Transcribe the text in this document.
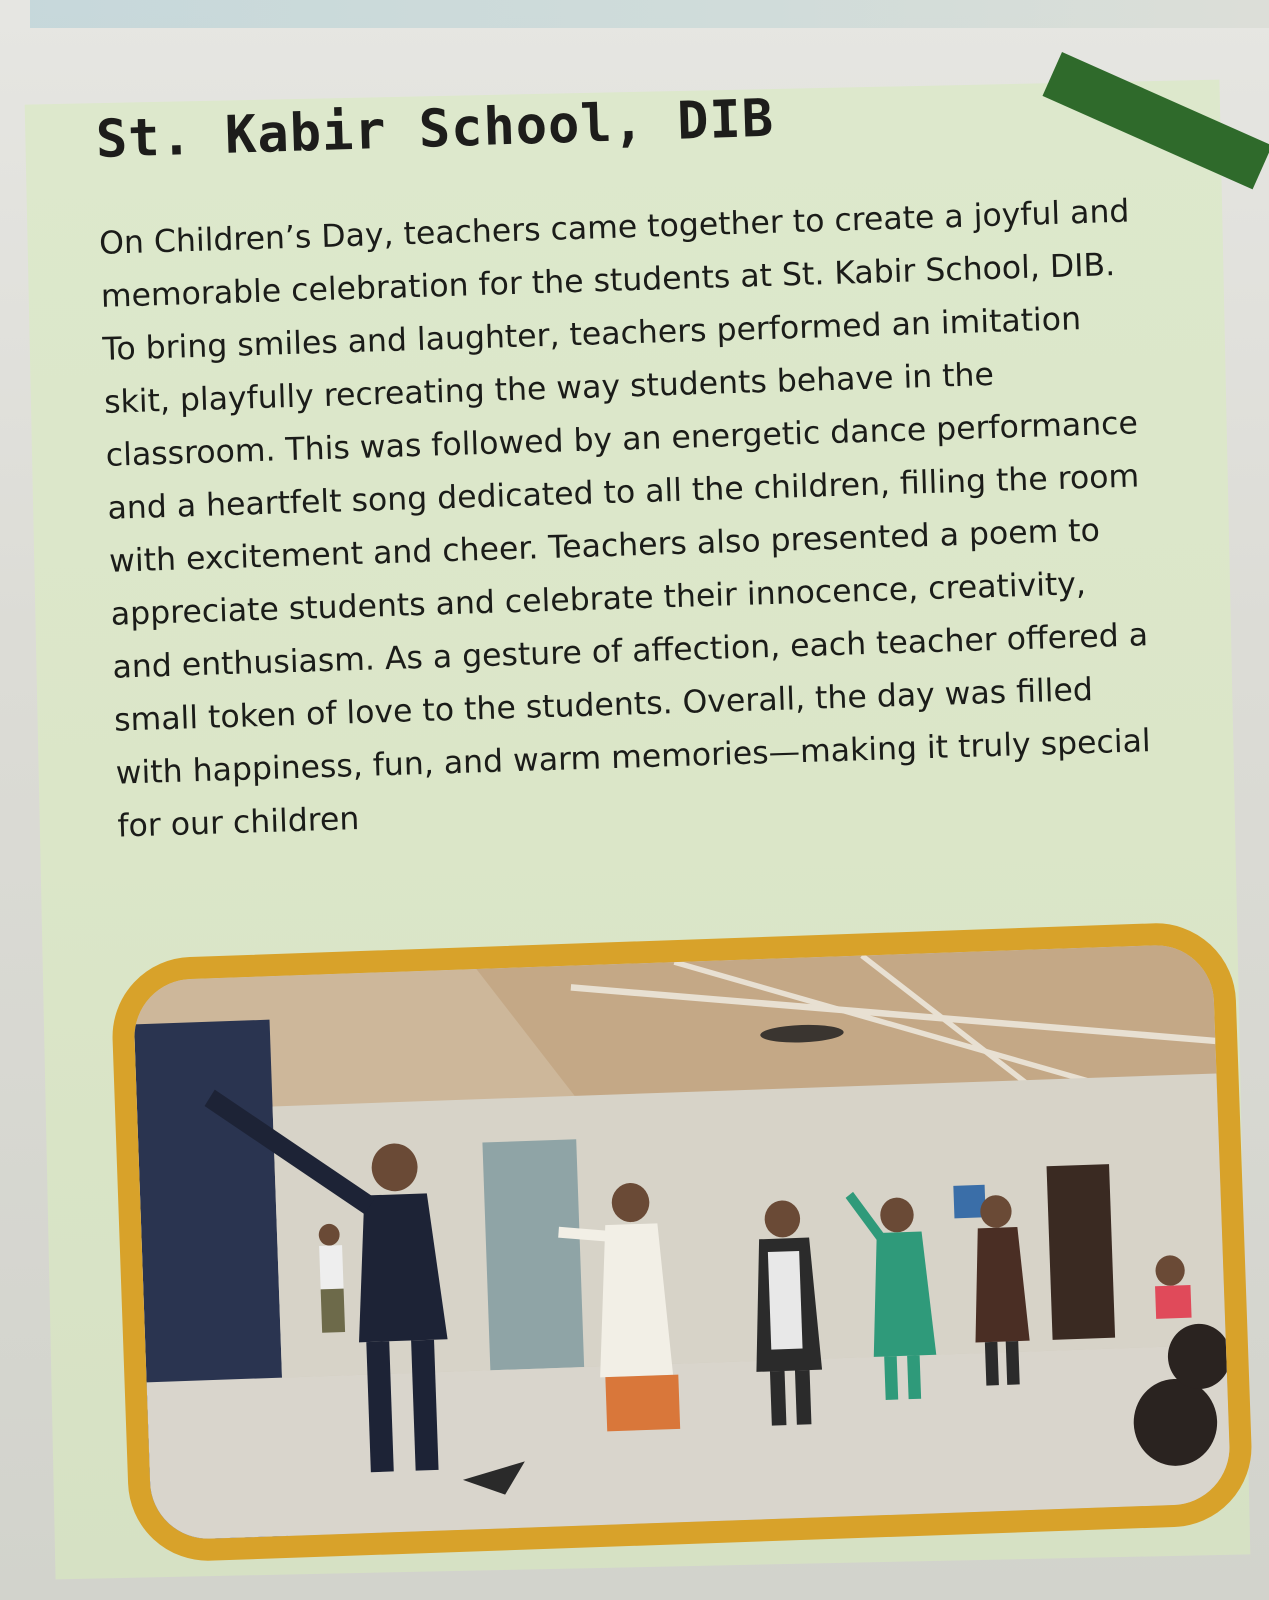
St. Kabir School, DIB

On Children’s Day, teachers came together to create a joyful and memorable celebration for the students at St. Kabir School, DIB. To bring smiles and laughter, teachers performed an imitation skit, playfully recreating the way students behave in the classroom. This was followed by an energetic dance performance and a heartfelt song dedicated to all the children, filling the room with excitement and cheer. Teachers also presented a poem to appreciate students and celebrate their innocence, creativity, and enthusiasm. As a gesture of affection, each teacher offered a small token of love to the students. Overall, the day was filled with happiness, fun, and warm memories—making it truly special for our children
